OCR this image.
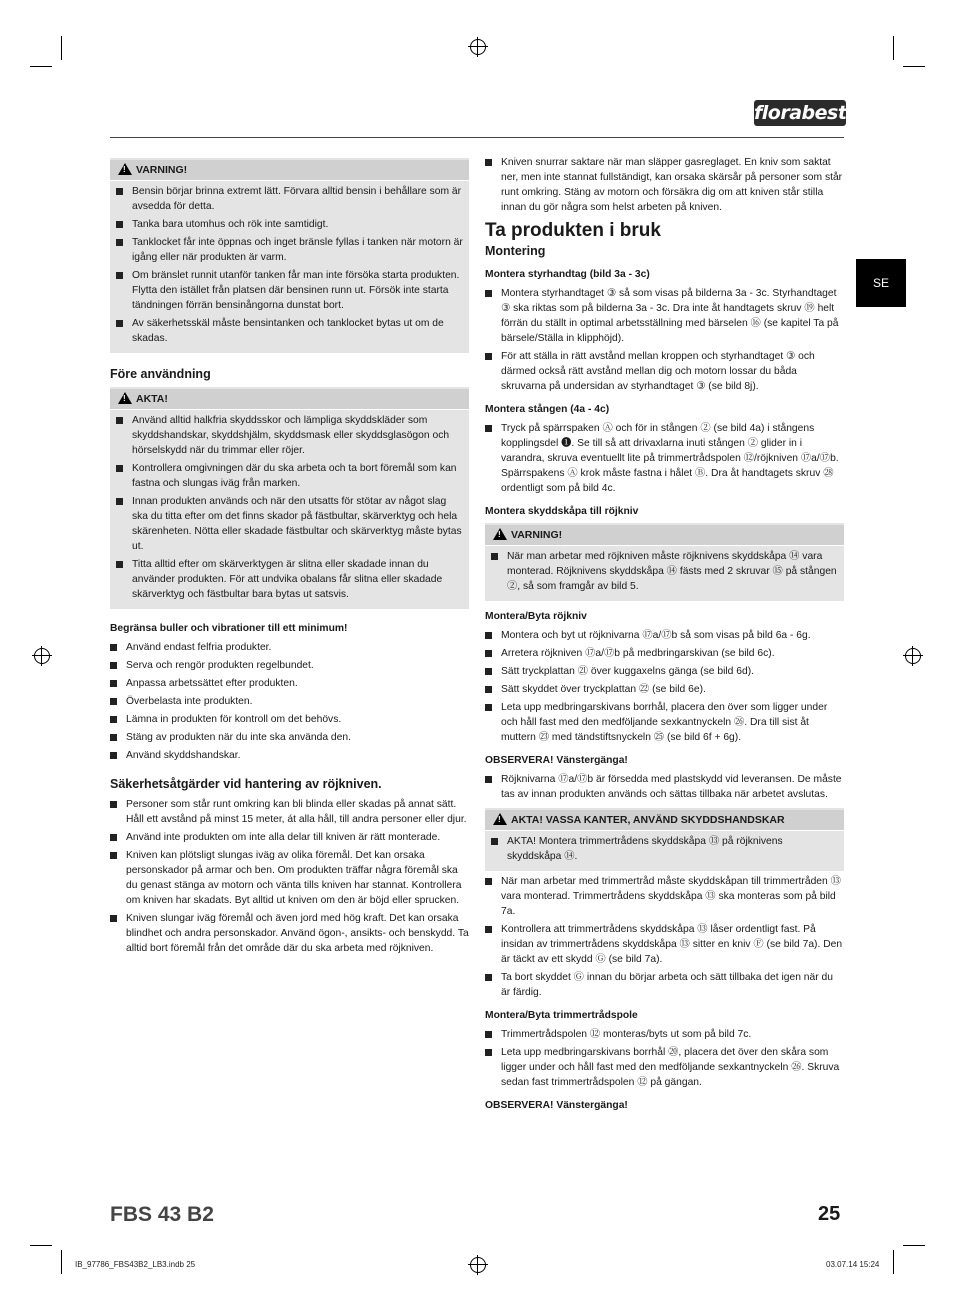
florabest
SE
!VARNING!
Bensin börjar brinna extremt lätt. Förvara alltid bensin i behållare som är avsedda för detta.
Tanka bara utomhus och rök inte samtidigt.
Tanklocket får inte öppnas och inget bränsle fyllas i tanken när motorn är igång eller när produkten är varm.
Om bränslet runnit utanför tanken får man inte försöka starta produkten. Flytta den istället från platsen där bensinen runn ut. Försök inte starta tändningen förrän bensinångorna dunstat bort.
Av säkerhetsskäl måste bensintanken och tanklocket bytas ut om de skadas.
Före användning
!AKTA!
Använd alltid halkfria skyddsskor och lämpliga skyddskläder som skyddshandskar, skyddshjälm, skyddsmask eller skyddsglasögon och hörselskydd när du trimmar eller röjer.
Kontrollera omgivningen där du ska arbeta och ta bort föremål som kan fastna och slungas iväg från marken.
Innan produkten används och när den utsatts för stötar av något slag ska du titta efter om det finns skador på fästbultar, skärverktyg och hela skärenheten. Nötta eller skadade fästbultar och skärverktyg måste bytas ut.
Titta alltid efter om skärverktygen är slitna eller skadade innan du använder produkten. För att undvika obalans får slitna eller skadade skärverktyg och fästbultar bara bytas ut satsvis.
Begränsa buller och vibrationer till ett minimum!
Använd endast felfria produkter.
Serva och rengör produkten regelbundet.
Anpassa arbetssättet efter produkten.
Överbelasta inte produkten.
Lämna in produkten för kontroll om det behövs.
Stäng av produkten när du inte ska använda den.
Använd skyddshandskar.
Säkerhetsåtgärder vid hantering av röjkniven.
Personer som står runt omkring kan bli blinda eller skadas på annat sätt. Håll ett avstånd på minst 15 meter, át alla håll, till andra personer eller djur.
Använd inte produkten om inte alla delar till kniven är rätt monterade.
Kniven kan plötsligt slungas iväg av olika föremål. Det kan orsaka personskador på armar och ben. Om produkten träffar några föremål ska du genast stänga av motorn och vänta tills kniven har stannat. Kontrollera om kniven har skadats. Byt alltid ut kniven om den är böjd eller sprucken.
Kniven slungar iväg föremål och även jord med hög kraft. Det kan orsaka blindhet och andra personskador. Använd ögon-, ansikts- och benskydd. Ta alltid bort föremål från det område där du ska arbeta med röjkniven.
Kniven snurrar saktare när man släpper gasreglaget. En kniv som saktat ner, men inte stannat fullständigt, kan orsaka skärsår på personer som står runt omkring. Stäng av motorn och försäkra dig om att kniven står stilla innan du gör några som helst arbeten på kniven.
Ta produkten i bruk
Montering
Montera styrhandtag (bild 3a - 3c)
Montera styrhandtaget ③ så som visas på bilderna 3a - 3c. Styrhandtaget ③ ska riktas som på bilderna 3a - 3c. Dra inte åt handtagets skruv ⑲ helt förrän du ställt in optimal arbetsställning med bärselen ⑯ (se kapitel Ta på bärsele/Ställa in klipphöjd).
För att ställa in rätt avstånd mellan kroppen och styrhandtaget ③ och därmed också rätt avstånd mellan dig och motorn lossar du båda skruvarna på undersidan av styrhandtaget ③ (se bild 8j).
Montera stången (4a - 4c)
Tryck på spärrspaken Ⓐ och för in stången ② (se bild 4a) i stångens kopplingsdel ❶. Se till så att drivaxlarna inuti stången ② glider in i varandra, skruva eventuellt lite på trimmertrådspolen ⑫/röjkniven ⑰a/⑰b. Spärrspakens Ⓐ krok måste fastna i hålet Ⓑ. Dra åt handtagets skruv ㉘ ordentligt som på bild 4c.
Montera skyddskåpa till röjkniv
!VARNING!
När man arbetar med röjkniven måste röjknivens skyddskåpa ⑭ vara monterad. Röjknivens skyddskåpa ⑭ fästs med 2 skruvar ⑮ på stången ②, så som framgår av bild 5.
Montera/Byta röjkniv
Montera och byt ut röjknivarna ⑰a/⑰b så som visas på bild 6a - 6g.
Arretera röjkniven ⑰a/⑰b på medbringarskivan (se bild 6c).
Sätt tryckplattan ㉑ över kuggaxelns gänga (se bild 6d).
Sätt skyddet över tryckplattan ㉒ (se bild 6e).
Leta upp medbringarskivans borrhål, placera den över som ligger under och håll fast med den medföljande sexkantnyckeln ㉖. Dra till sist åt muttern ㉓ med tändstiftsnyckeln ㉕ (se bild 6f + 6g).
OBSERVERA! Vänstergänga!
Röjknivarna ⑰a/⑰b är försedda med plastskydd vid leveransen. De måste tas av innan produkten används och sättas tillbaka när arbetet avslutas.
!AKTA! VASSA KANTER, ANVÄND SKYDDSHANDSKAR
AKTA! Montera trimmertrådens skyddskåpa ⑬ på röjknivens skyddskåpa ⑭.
När man arbetar med trimmertråd måste skyddskåpan till trimmertråden ⑬ vara monterad. Trimmertrådens skyddskåpa ⑬ ska monteras som på bild 7a.
Kontrollera att trimmertrådens skyddskåpa ⑬ låser ordentligt fast. På insidan av trimmertrådens skyddskåpa ⑬ sitter en kniv Ⓕ (se bild 7a). Den är täckt av ett skydd Ⓖ (se bild 7a).
Ta bort skyddet Ⓖ innan du börjar arbeta och sätt tillbaka det igen när du är färdig.
Montera/Byta trimmertrådspole
Trimmertrådspolen ⑫ monteras/byts ut som på bild 7c.
Leta upp medbringarskivans borrhål ⑳, placera det över den skåra som ligger under och håll fast med den medföljande sexkantnyckeln ㉖. Skruva sedan fast trimmertrådspolen ⑫ på gängan.
OBSERVERA! Vänstergänga!
FBS 43 B2	25
IB_97786_FBS43B2_LB3.indb 25	03.07.14 15:24
